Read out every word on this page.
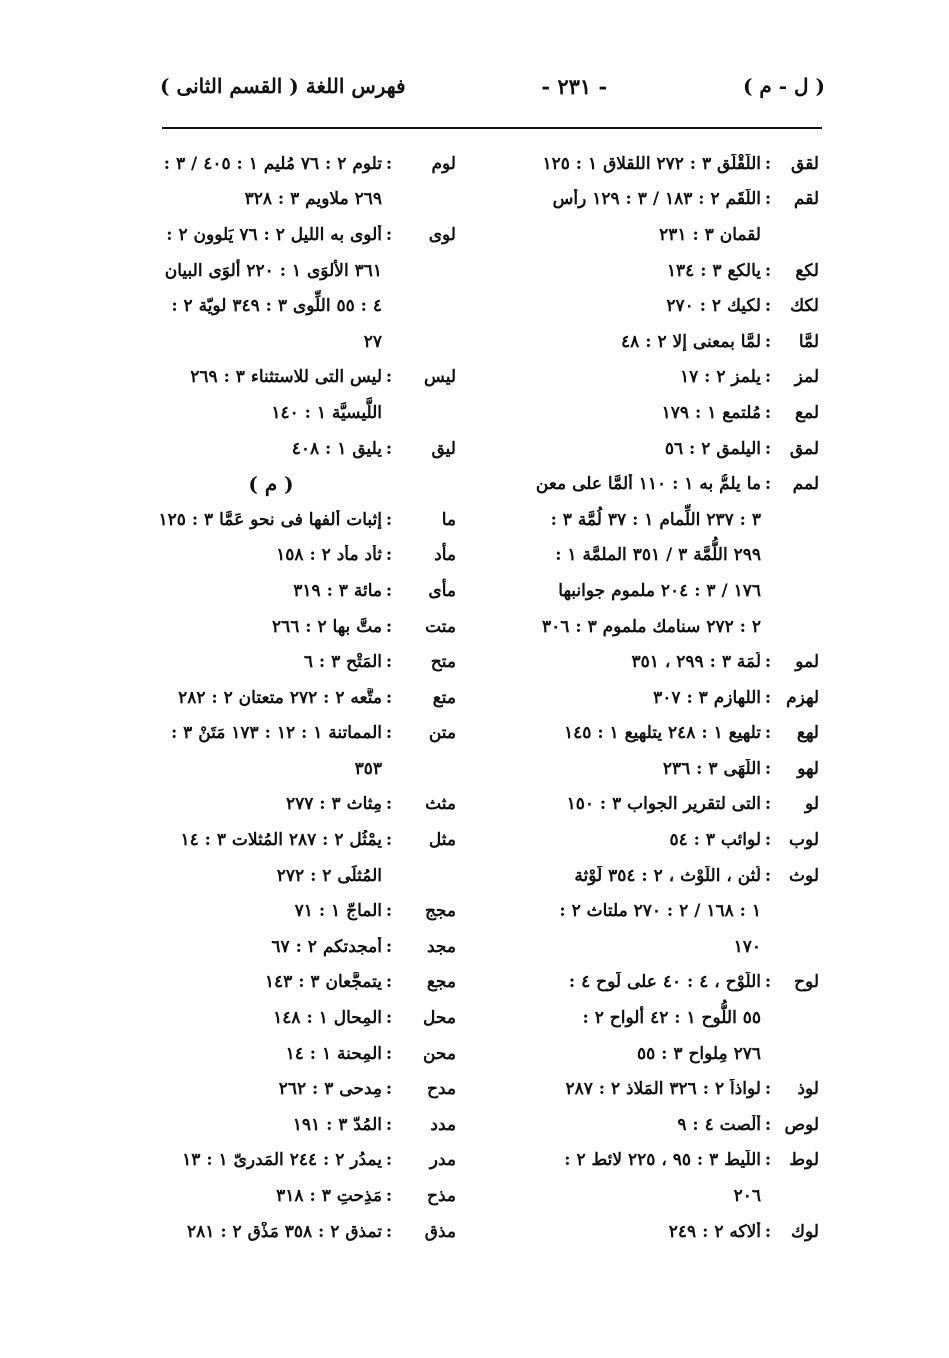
( ل - م )
- ٢٣١ -
فهرس اللغة ( القسم الثانى )
لقق
:
اللَّقْلَق ٣ : ٢٧٢ اللقلاق ١ : ١٢٥
لقم
:
اللُّقَم ٢ : ١٨٣ / ٣ : ١٢٩ رأس
لقمان ٣ : ٢٣١
لكع
:
يالكع ٣ : ١٣٤
لكك
:
لكيك ٢ : ٢٧٠
لمَّا
:
لمَّا بمعنى إلا ٢ : ٤٨
لمز
:
يلمز ٢ : ١٧
لمع
:
مُلتمع ١ : ١٧٩
لمق
:
اليلمق ٢ : ٥٦
لمم
:
ما يلمُّ به ١ : ١١٠ ألمَّا على معن
٣ : ٢٣٧ اللِّمام ١ : ٣٧ لُمَّة ٣ :
٢٩٩ اللُّمَّة ٣ / ٣٥١ الملمَّة ١ :
١٧٦ / ٣ : ٢٠٤ ملموم جوانبها
٢ : ٢٧٢ سنامك ملموم ٣ : ٣٠٦
لمو
:
لُمَة ٣ : ٢٩٩ ، ٣٥١
لهزم
:
اللهازم ٣ : ٣٠٧
لهع
:
تلهيع ١ : ٢٤٨ يتلهيع ١ : ١٤٥
لهو
:
اللُّهَى ٣ : ٢٣٦
لو
:
التى لتقرير الجواب ٣ : ١٥٠
لوب
:
لوائب ٣ : ٥٤
لوث
:
لُثن ، اللَّوْث ، ٢ : ٣٥٤ لَوْثة
١ : ١٦٨ / ٢ : ٢٧٠ ملتاث ٢ :
١٧٠
لوح
:
اللَّوْح ، ٤ : ٤٠ على لَوح ٤ :
٥٥ اللُّوح ١ : ٤٢ ألواح ٢ :
٢٧٦ مِلواح ٣ : ٥٥
لوذ
:
لواذاً ٢ : ٣٢٦ المَلاذ ٢ : ٢٨٧
لوص
:
ألْصت ٤ : ٩
لوط
:
اللَّيط ٣ : ٩٥ ، ٢٢٥ لائط ٢ :
٢٠٦
لوك
:
ألاكه ٢ : ٢٤٩
لوم
:
تلوم ٢ : ٧٦ مُليم ١ : ٤٠٥ / ٣ :
٢٦٩ ملاويم ٣ : ٣٢٨
لوى
:
ألوى به الليل ٢ : ٧٦ يَلوون ٢ :
٣٦١ الألوَى ١ : ٢٢٠ ألوَى البيان
٤ : ٥٥ اللِّوى ٣ : ٣٤٩ لويّة ٢ :
٢٧
ليس
:
ليس التى للاستثناء ٣ : ٢٦٩
اللَّيسيَّة ١ : ١٤٠
ليق
:
يليق ١ : ٤٠٨
( م )
ما
:
إثبات ألفها فى نحو عَمَّا ٣ : ١٢٥
مأد
:
ثأد مأد ٢ : ١٥٨
مأى
:
مائة ٣ : ٣١٩
متت
:
متَّ بها ٢ : ٢٦٦
متح
:
المَتْح ٣ : ٦
متع
:
متَّعه ٢ : ٢٧٢ متعتان ٢ : ٢٨٢
متن
:
المماتنة ١ : ١٢ : ١٧٣ مَتَنْ ٣ :
٣٥٣
مثث
:
مِثاث ٣ : ٢٧٧
مثل
:
يمْثُل ٢ : ٢٨٧ المُثلات ٣ : ١٤
المُثلَى ٢ : ٢٧٢
مجج
:
الماجّ ١ : ٧١
مجد
:
أمجدتكم ٢ : ٦٧
مجع
:
يتمجَّعان ٣ : ١٤٣
محل
:
المِحال ١ : ١٤٨
محن
:
المِحنة ١ : ١٤
مدح
:
مِدحى ٣ : ٢٦٢
مدد
:
المُدّ ٣ : ١٩١
مدر
:
يمدُر ٢ : ٢٤٤ المَدرىّ ١ : ١٣
مذح
:
مَذِحتِ ٣ : ٣١٨
مذق
:
تمذق ٢ : ٣٥٨ مَذْق ٢ : ٢٨١
